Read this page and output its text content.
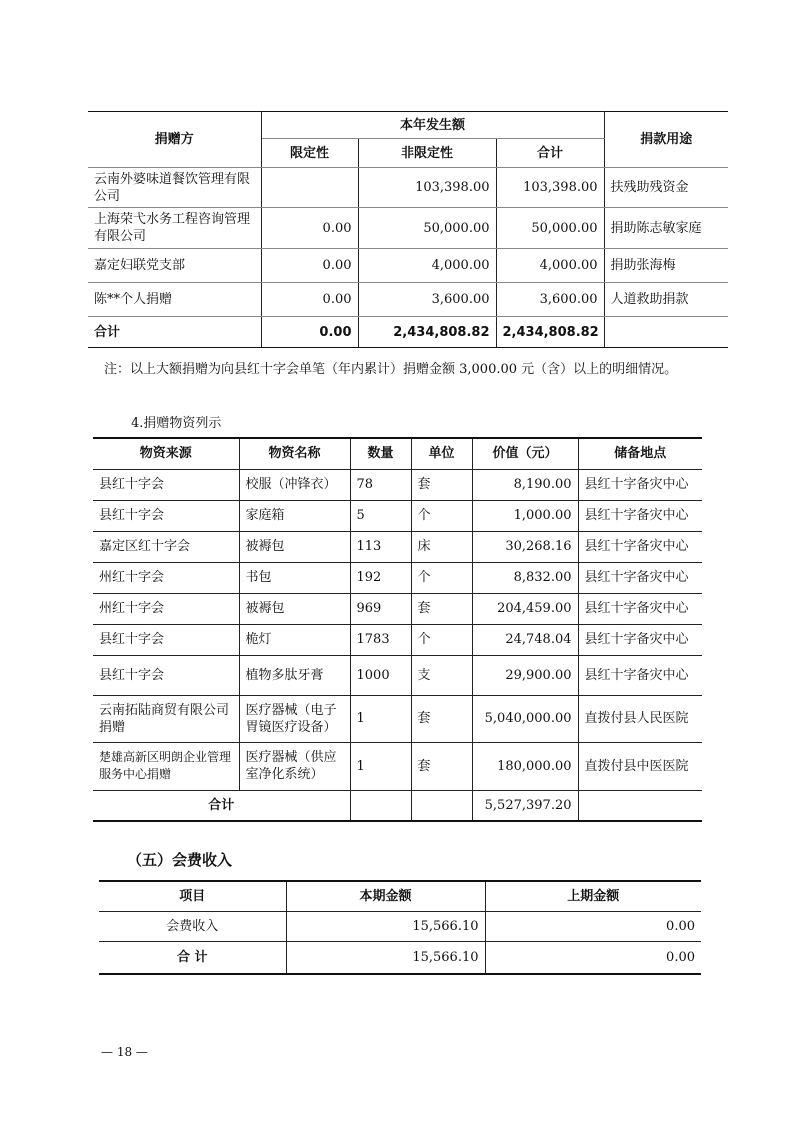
捐赠方	本年发生额			捐款用途
	限定性	非限定性	合计	
云南外婆味道餐饮管理有限公司		103,398.00	103,398.00	扶残助残资金
上海荣弋水务工程咨询管理有限公司	0.00	50,000.00	50,000.00	捐助陈志敏家庭
嘉定妇联党支部	0.00	4,000.00	4,000.00	捐助张海梅
陈**个人捐赠	0.00	3,600.00	3,600.00	人道救助捐款
合计	0.00	2,434,808.82	2,434,808.82	
注：以上大额捐赠为向县红十字会单笔（年内累计）捐赠金额 3,000.00 元（含）以上的明细情况。
4.捐赠物资列示
物资来源	物资名称	数量	单位	价值（元）	储备地点
县红十字会	校服（冲锋衣）	78	套	8,190.00	县红十字备灾中心
县红十字会	家庭箱	5	个	1,000.00	县红十字备灾中心
嘉定区红十字会	被褥包	113	床	30,268.16	县红十字备灾中心
州红十字会	书包	192	个	8,832.00	县红十字备灾中心
州红十字会	被褥包	969	套	204,459.00	县红十字备灾中心
县红十字会	桅灯	1783	个	24,748.04	县红十字备灾中心
县红十字会	植物多肽牙膏	1000	支	29,900.00	县红十字备灾中心
云南拓陆商贸有限公司捐赠	医疗器械（电子胃镜医疗设备）	1	套	5,040,000.00	直拨付县人民医院
楚雄高新区明朗企业管理服务中心捐赠	医疗器械（供应室净化系统）	1	套	180,000.00	直拨付县中医医院
合计				5,527,397.20	
（五）会费收入
项目	本期金额	上期金额
会费收入	15,566.10	0.00
合 计	15,566.10	0.00
— 18 —
